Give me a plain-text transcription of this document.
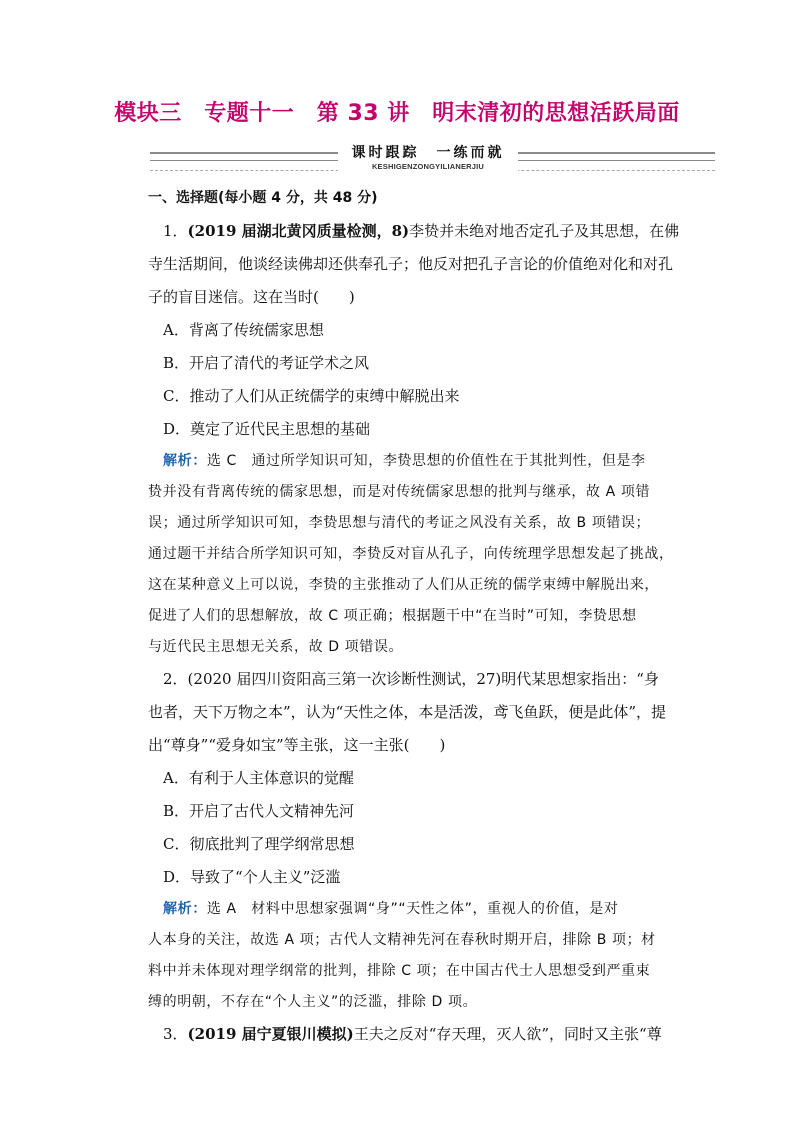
模块三　专题十一　第 33 讲　明末清初的思想活跃局面
课时跟踪　一练而就
KESHIGENZONGYILIANERJIU

一、选择题(每小题 4 分，共 48 分)

1．(2019 届湖北黄冈质量检测，8)李贽并未绝对地否定孔子及其思想，在佛

寺生活期间，他谈经读佛却还供奉孔子；他反对把孔子言论的价值绝对化和对孔

子的盲目迷信。这在当时(　　)

A．背离了传统儒家思想

B．开启了清代的考证学术之风

C．推动了人们从正统儒学的束缚中解脱出来

D．奠定了近代民主思想的基础

解析：选 C　通过所学知识可知，李贽思想的价值性在于其批判性，但是李

贽并没有背离传统的儒家思想，而是对传统儒家思想的批判与继承，故 A 项错

误；通过所学知识可知，李贽思想与清代的考证之风没有关系，故 B 项错误；

通过题干并结合所学知识可知，李贽反对盲从孔子，向传统理学思想发起了挑战，

这在某种意义上可以说，李贽的主张推动了人们从正统的儒学束缚中解脱出来，

促进了人们的思想解放，故 C 项正确；根据题干中“在当时”可知，李贽思想

与近代民主思想无关系，故 D 项错误。

2．(2020 届四川资阳高三第一次诊断性测试，27)明代某思想家指出：“身

也者，天下万物之本”，认为“天性之体，本是活泼，鸢飞鱼跃，便是此体”，提

出“尊身”“爱身如宝”等主张，这一主张(　　)

A．有利于人主体意识的觉醒

B．开启了古代人文精神先河

C．彻底批判了理学纲常思想

D．导致了“个人主义”泛滥

解析：选 A　材料中思想家强调“身”“天性之体”，重视人的价值，是对

人本身的关注，故选 A 项；古代人文精神先河在春秋时期开启，排除 B 项；材

料中并未体现对理学纲常的批判，排除 C 项；在中国古代士人思想受到严重束

缚的明朝，不存在“个人主义”的泛滥，排除 D 项。

3．(2019 届宁夏银川模拟)王夫之反对“存天理，灭人欲”，同时又主张“尊
